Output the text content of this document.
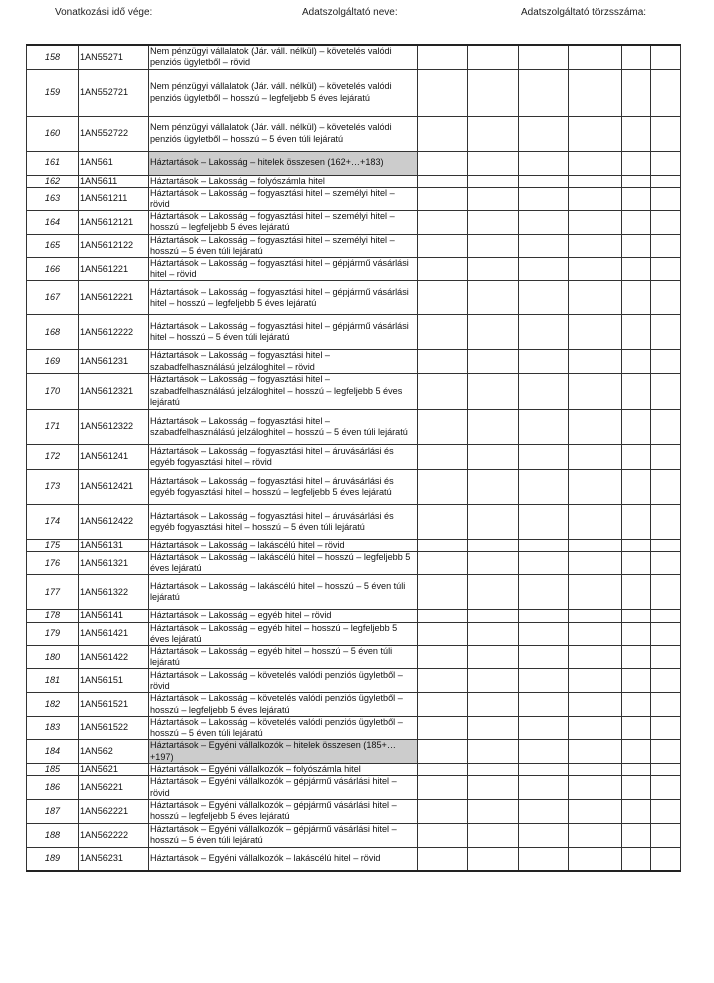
Vonatkozási idő vége:	Adatszolgáltató neve:	Adatszolgáltató törzsszáma:
158	1AN55271	Nem pénzügyi vállalatok (Jár. váll. nélkül) – követelés valódi penziós ügyletből – rövid						
159	1AN552721	Nem pénzügyi vállalatok (Jár. váll. nélkül) – követelés valódi penziós ügyletből – hosszú – legfeljebb 5 éves lejáratú						
160	1AN552722	Nem pénzügyi vállalatok (Jár. váll. nélkül) – követelés valódi penziós ügyletből – hosszú – 5 éven túli lejáratú						
161	1AN561	Háztartások – Lakosság – hitelek összesen (162+…+183)						
162	1AN5611	Háztartások – Lakosság – folyószámla hitel						
163	1AN561211	Háztartások – Lakosság – fogyasztási hitel – személyi hitel – rövid						
164	1AN5612121	Háztartások – Lakosság – fogyasztási hitel – személyi hitel – hosszú – legfeljebb 5 éves lejáratú						
165	1AN5612122	Háztartások – Lakosság – fogyasztási hitel – személyi hitel – hosszú – 5 éven túli lejáratú						
166	1AN561221	Háztartások – Lakosság – fogyasztási hitel – gépjármű vásárlási hitel – rövid						
167	1AN5612221	Háztartások – Lakosság – fogyasztási hitel – gépjármű vásárlási hitel – hosszú – legfeljebb 5 éves lejáratú						
168	1AN5612222	Háztartások – Lakosság – fogyasztási hitel – gépjármű vásárlási hitel – hosszú – 5 éven túli lejáratú						
169	1AN561231	Háztartások – Lakosság – fogyasztási hitel – szabadfelhasználású jelzáloghitel – rövid						
170	1AN5612321	Háztartások – Lakosság – fogyasztási hitel – szabadfelhasználású jelzáloghitel – hosszú – legfeljebb 5 éves lejáratú						
171	1AN5612322	Háztartások – Lakosság – fogyasztási hitel – szabadfelhasználású jelzáloghitel – hosszú – 5 éven túli lejáratú						
172	1AN561241	Háztartások – Lakosság – fogyasztási hitel – áruvásárlási és egyéb fogyasztási hitel – rövid						
173	1AN5612421	Háztartások – Lakosság – fogyasztási hitel – áruvásárlási és egyéb fogyasztási hitel – hosszú – legfeljebb 5 éves lejáratú						
174	1AN5612422	Háztartások – Lakosság – fogyasztási hitel – áruvásárlási és egyéb fogyasztási hitel – hosszú – 5 éven túli lejáratú						
175	1AN56131	Háztartások – Lakosság – lakáscélú hitel – rövid						
176	1AN561321	Háztartások – Lakosság – lakáscélú hitel – hosszú – legfeljebb 5 éves lejáratú						
177	1AN561322	Háztartások – Lakosság – lakáscélú hitel – hosszú – 5 éven túli lejáratú						
178	1AN56141	Háztartások – Lakosság – egyéb hitel – rövid						
179	1AN561421	Háztartások – Lakosság – egyéb hitel – hosszú – legfeljebb 5 éves lejáratú						
180	1AN561422	Háztartások – Lakosság – egyéb hitel – hosszú – 5 éven túli lejáratú						
181	1AN56151	Háztartások – Lakosság – követelés valódi penziós ügyletből – rövid						
182	1AN561521	Háztartások – Lakosság – követelés valódi penziós ügyletből – hosszú – legfeljebb 5 éves lejáratú						
183	1AN561522	Háztartások – Lakosság – követelés valódi penziós ügyletből – hosszú – 5 éven túli lejáratú						
184	1AN562	Háztartások – Egyéni vállalkozók – hitelek összesen (185+…+197)						
185	1AN5621	Háztartások – Egyéni vállalkozók – folyószámla hitel						
186	1AN56221	Háztartások – Egyéni vállalkozók – gépjármű vásárlási hitel – rövid						
187	1AN562221	Háztartások – Egyéni vállalkozók – gépjármű vásárlási hitel – hosszú – legfeljebb 5 éves lejáratú						
188	1AN562222	Háztartások – Egyéni vállalkozók – gépjármű vásárlási hitel – hosszú – 5 éven túli lejáratú						
189	1AN56231	Háztartások – Egyéni vállalkozók – lakáscélú hitel – rövid						
